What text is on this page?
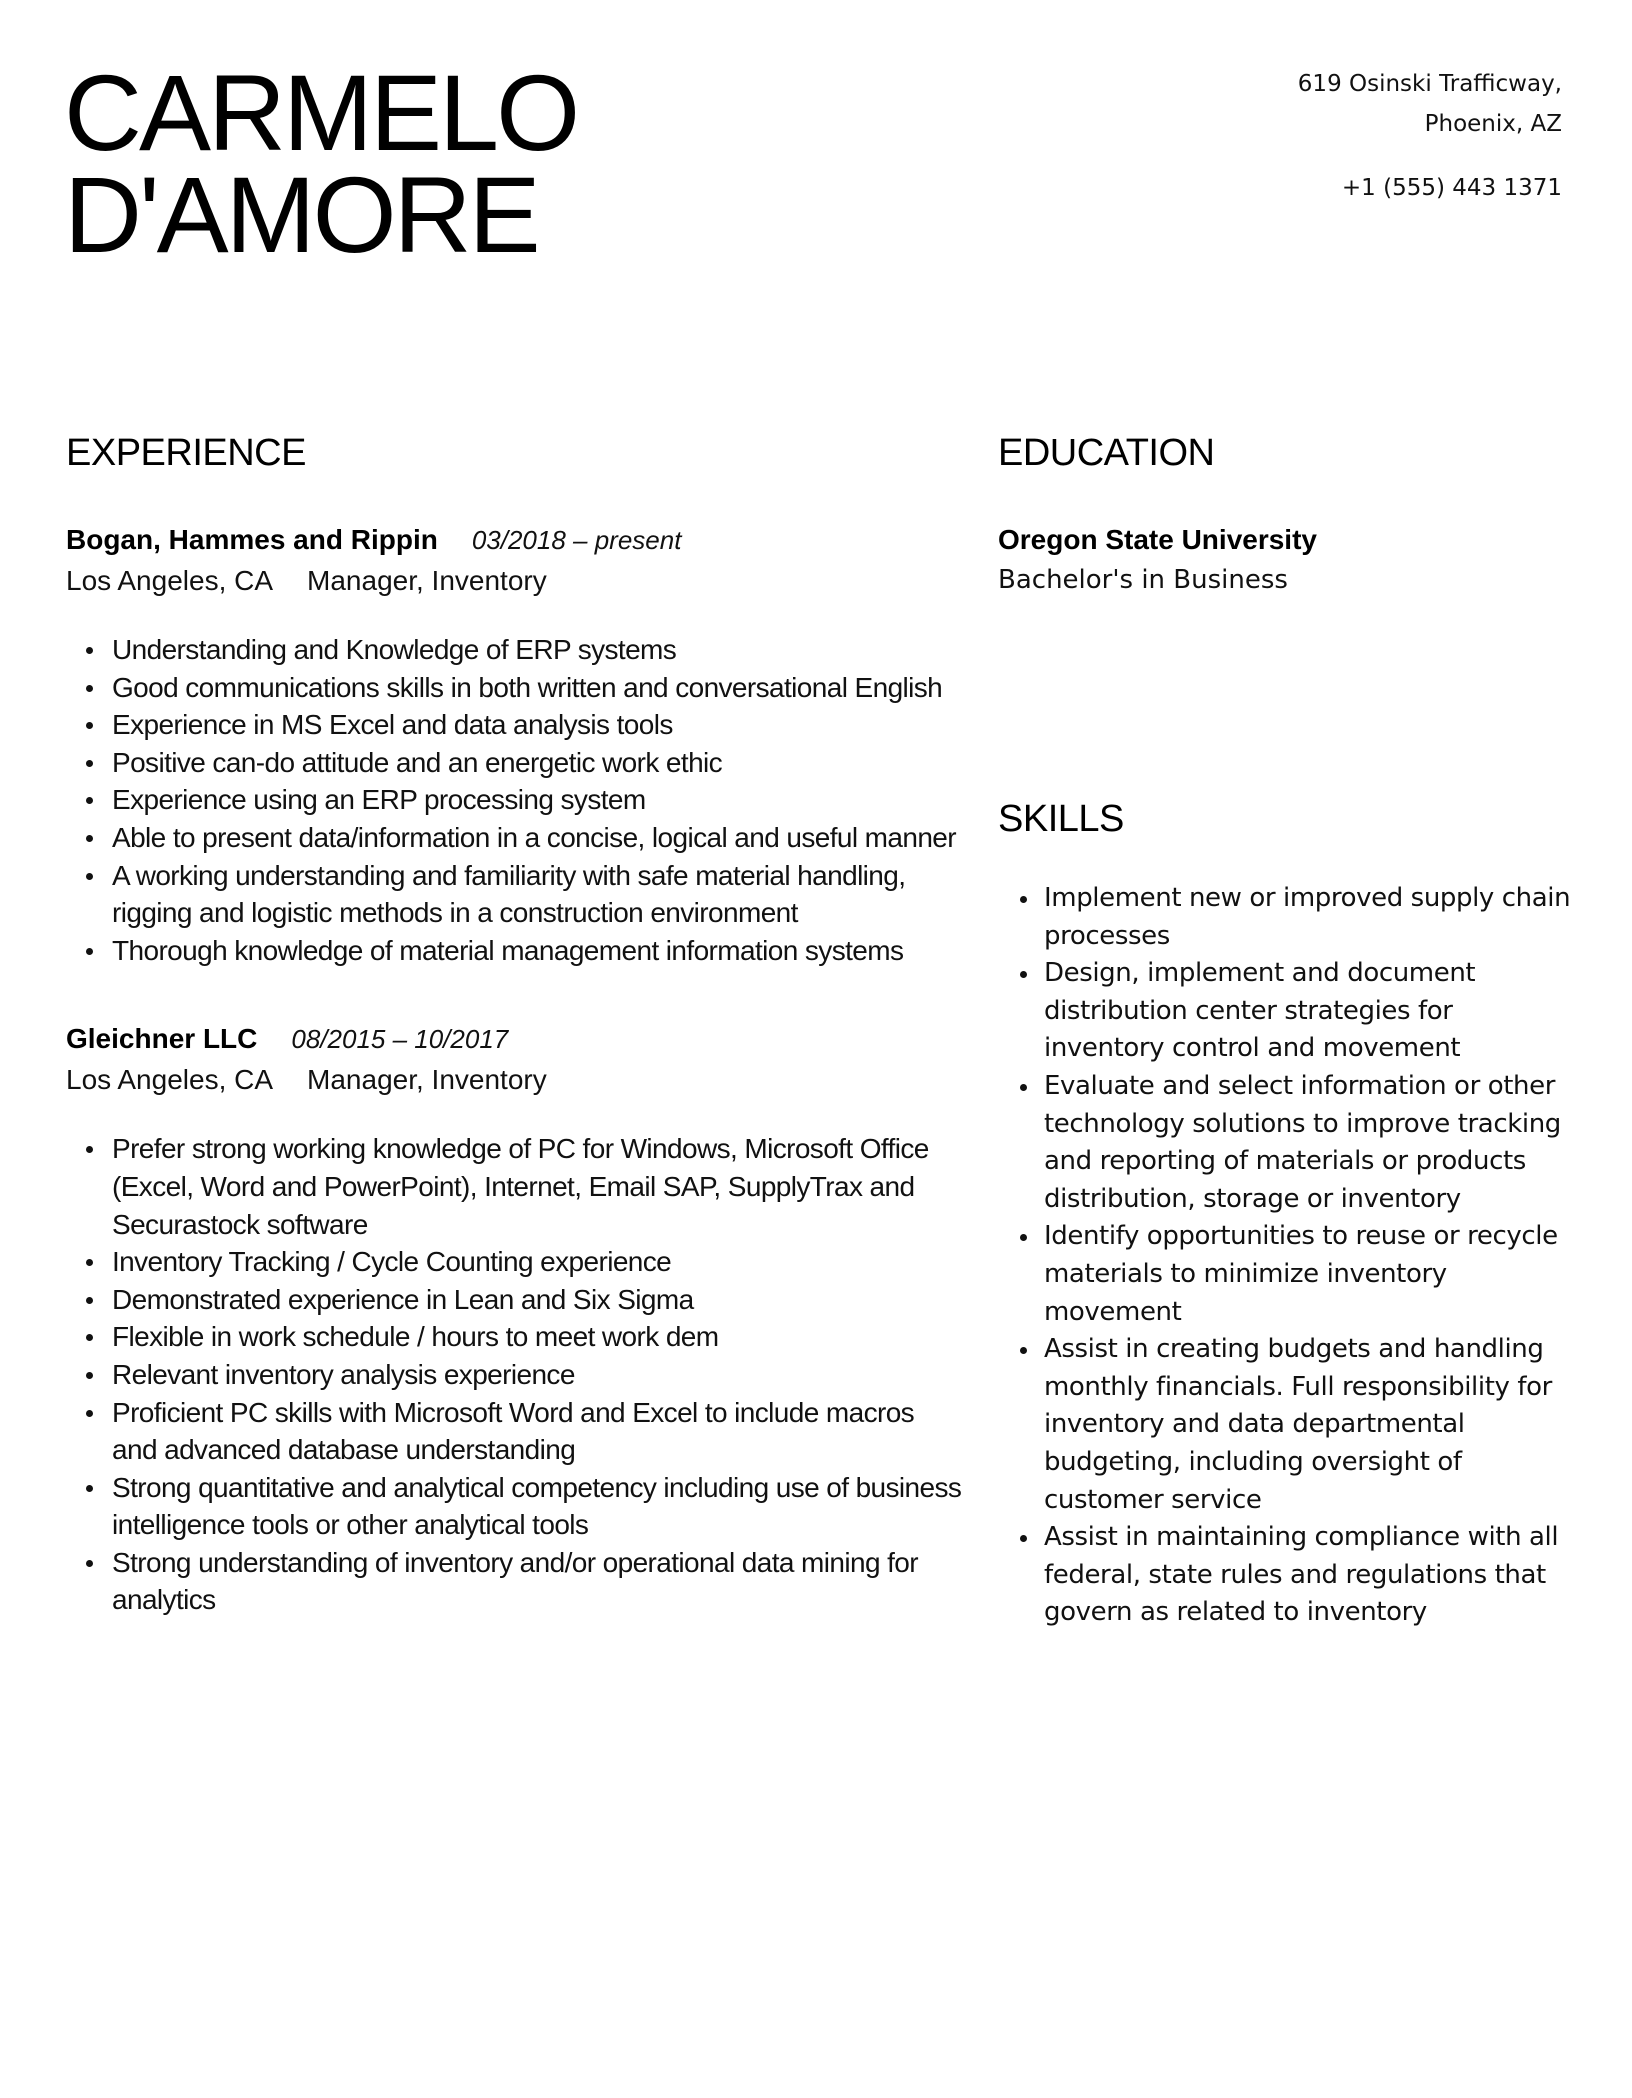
CARMELO
D'AMORE
619 Osinski Trafficway,
Phoenix, AZ
+1 (555) 443 1371
EXPERIENCE
Bogan, Hammes and Rippin 03/2018 – present
Los Angeles, CA Manager, Inventory
Understanding and Knowledge of ERP systems
Good communications skills in both written and conversational English
Experience in MS Excel and data analysis tools
Positive can-do attitude and an energetic work ethic
Experience using an ERP processing system
Able to present data/information in a concise, logical and useful manner
A working understanding and familiarity with safe material handling, rigging and logistic methods in a construction environment
Thorough knowledge of material management information systems
Gleichner LLC 08/2015 – 10/2017
Los Angeles, CA Manager, Inventory
Prefer strong working knowledge of PC for Windows, Microsoft Office (Excel, Word and PowerPoint), Internet, Email SAP, SupplyTrax and Securastock software
Inventory Tracking / Cycle Counting experience
Demonstrated experience in Lean and Six Sigma
Flexible in work schedule / hours to meet work dem
Relevant inventory analysis experience
Proficient PC skills with Microsoft Word and Excel to include macros and advanced database understanding
Strong quantitative and analytical competency including use of business intelligence tools or other analytical tools
Strong understanding of inventory and/or operational data mining for analytics
EDUCATION
Oregon State University
Bachelor's in Business
SKILLS
Implement new or improved supply chain processes
Design, implement and document distribution center strategies for inventory control and movement
Evaluate and select information or other technology solutions to improve tracking and reporting of materials or products distribution, storage or inventory
Identify opportunities to reuse or recycle materials to minimize inventory movement
Assist in creating budgets and handling monthly financials. Full responsibility for inventory and data departmental budgeting, including oversight of customer service
Assist in maintaining compliance with all federal, state rules and regulations that govern as related to inventory
